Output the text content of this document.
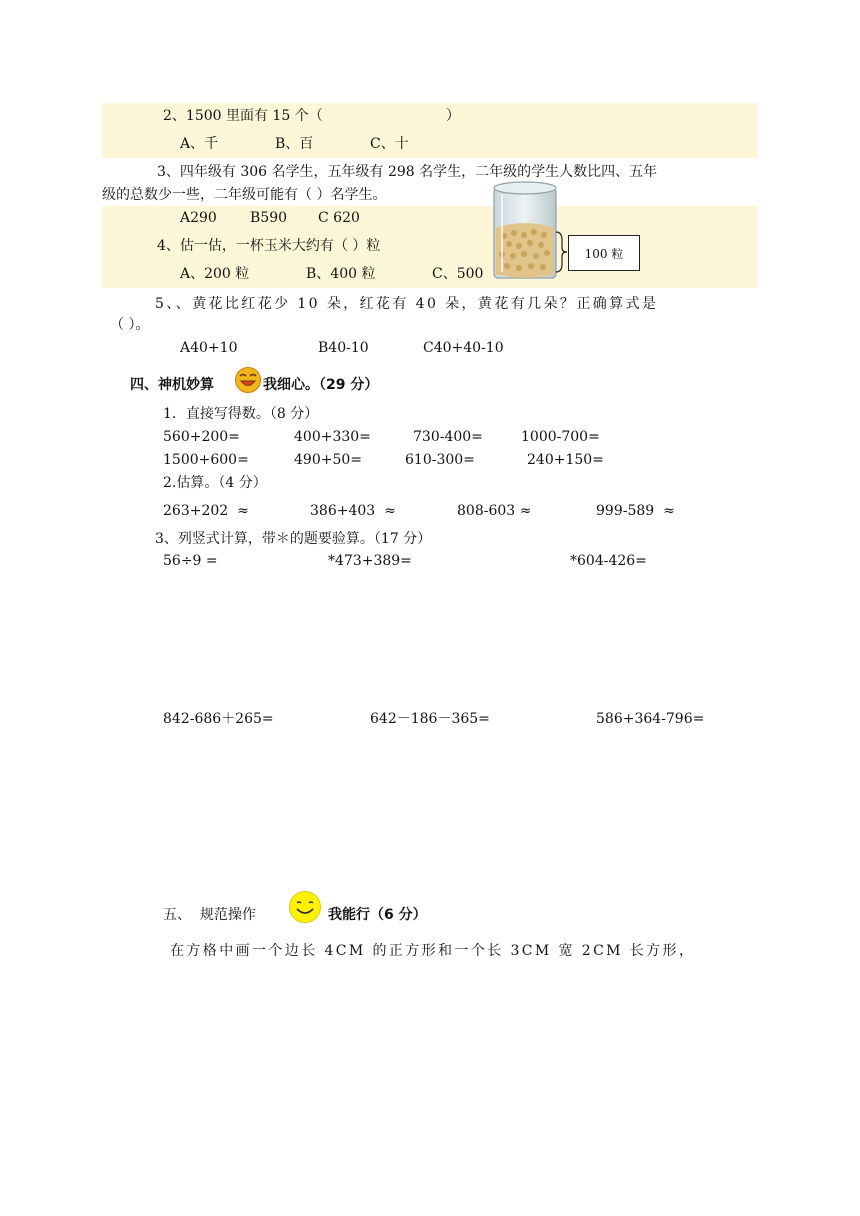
2、1500 里面有 15 个（	）
A、千	B、百	C、十
3、四年级有 306 名学生，五年级有 298 名学生，二年级的学生人数比四、五年
级的总数少一些，二年级可能有（ ）名学生。
A290 B590 C 620
4、估一估，一杯玉米大约有（ ）粒
A、200 粒	B、400 粒	C、500
100 粒
5、、黄花比红花少 10 朵，红花有 40 朵，黄花有几朵？正确算式是
（ ）。
A40+10	B40-10	C40+40-10
四、神机妙算	我细心。（29 分）
1．直接写得数。（8 分）
560+200=	400+330=	730-400=	1000-700=
1500+600=	490+50=	610-300=	240+150=
2.估算。（4 分）
263+202  ≈	386+403  ≈	808-603 ≈	999-589  ≈
3、列竖式计算，带＊的题要验算。（17 分）
56÷9 =	*473+389=	*604-426=
842-686＋265=	642－186－365=	586+364-796=
五、  规范操作	我能行（6 分）
在方格中画一个边长 4CM 的正方形和一个长 3CM 宽 2CM 长方形，
